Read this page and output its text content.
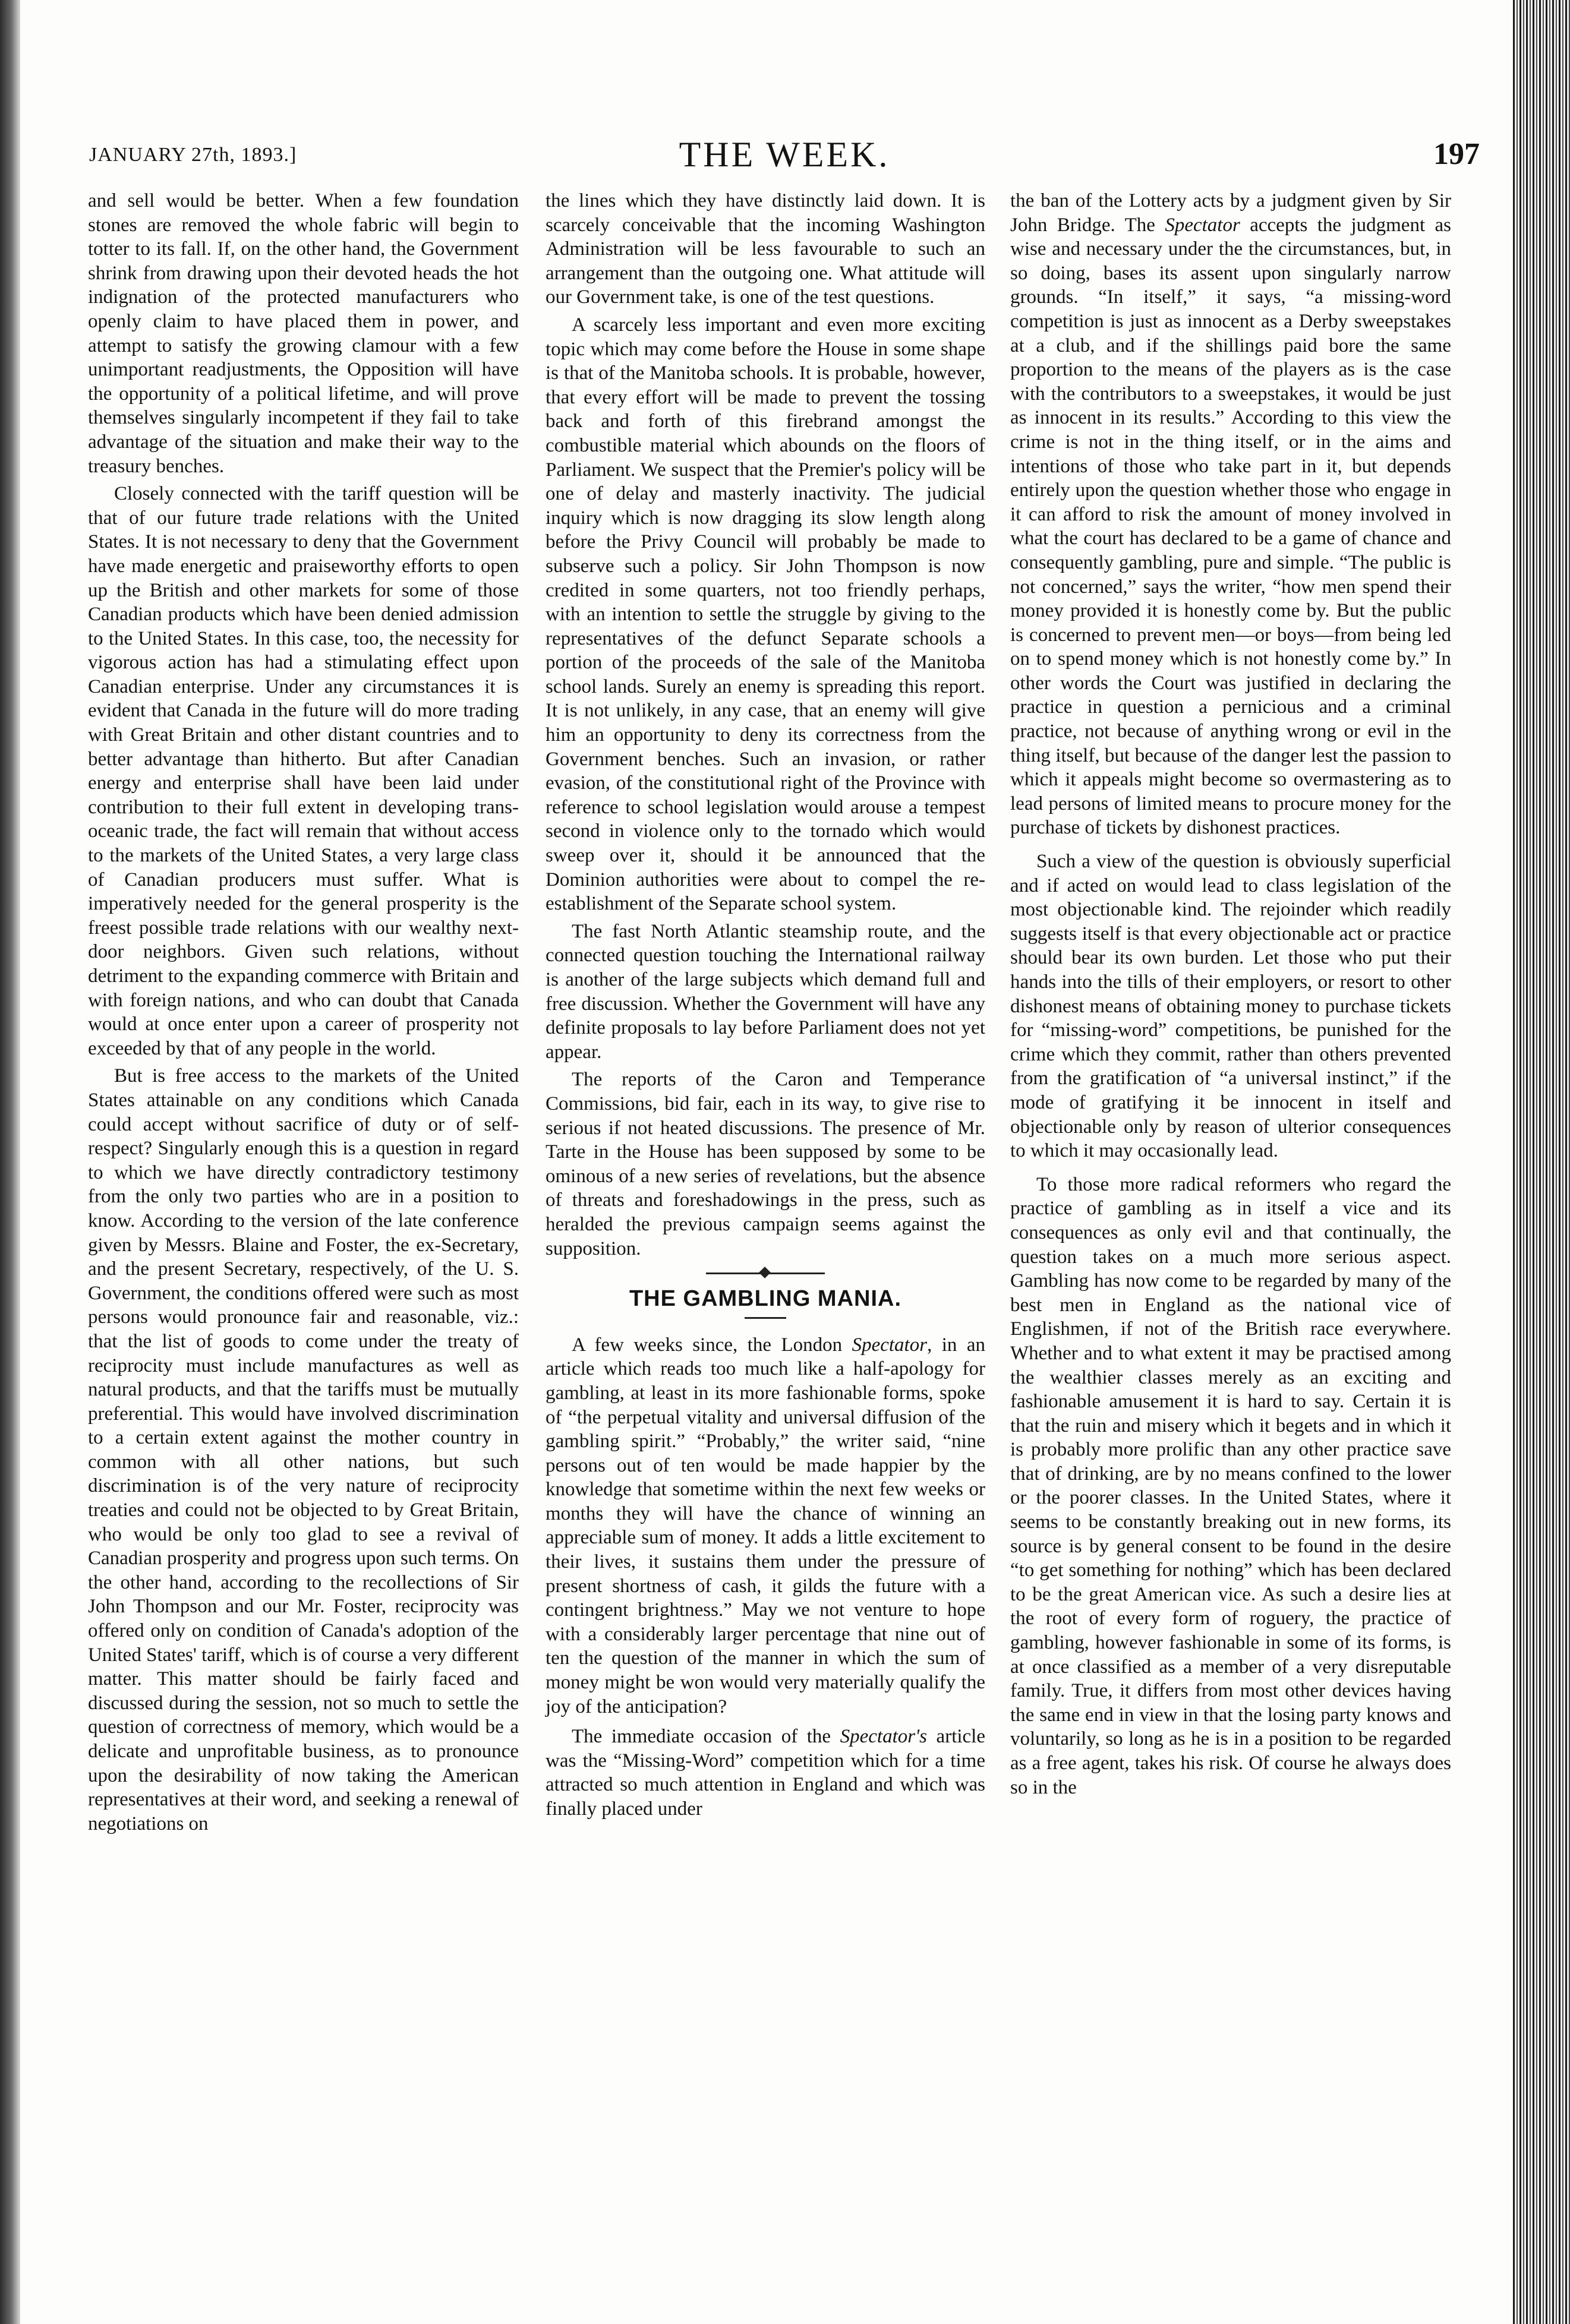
JANUARY 27th, 1893.]	THE WEEK.	197

and sell would be better. When a few foundation stones are removed the whole fabric will begin to totter to its fall. If, on the other hand, the Government shrink from drawing upon their devoted heads the hot indignation of the protected manufacturers who openly claim to have placed them in power, and attempt to satisfy the growing clamour with a few unimportant readjustments, the Opposition will have the opportunity of a political lifetime, and will prove themselves singularly incompetent if they fail to take advantage of the situation and make their way to the treasury benches.

Closely connected with the tariff question will be that of our future trade relations with the United States. It is not necessary to deny that the Government have made energetic and praiseworthy efforts to open up the British and other markets for some of those Canadian products which have been denied admission to the United States. In this case, too, the necessity for vigorous action has had a stimulating effect upon Canadian enterprise. Under any circumstances it is evident that Canada in the future will do more trading with Great Britain and other distant countries and to better advantage than hitherto. But after Canadian energy and enterprise shall have been laid under contribution to their full extent in developing trans-oceanic trade, the fact will remain that without access to the markets of the United States, a very large class of Canadian producers must suffer. What is imperatively needed for the general prosperity is the freest possible trade relations with our wealthy next-door neighbors. Given such relations, without detriment to the expanding commerce with Britain and with foreign nations, and who can doubt that Canada would at once enter upon a career of prosperity not exceeded by that of any people in the world.

But is free access to the markets of the United States attainable on any conditions which Canada could accept without sacrifice of duty or of self-respect? Singularly enough this is a question in regard to which we have directly contradictory testimony from the only two parties who are in a position to know. According to the version of the late conference given by Messrs. Blaine and Foster, the ex-Secretary, and the present Secretary, respectively, of the U. S. Government, the conditions offered were such as most persons would pronounce fair and reasonable, viz.: that the list of goods to come under the treaty of reciprocity must include manufactures as well as natural products, and that the tariffs must be mutually preferential. This would have involved discrimination to a certain extent against the mother country in common with all other nations, but such discrimination is of the very nature of reciprocity treaties and could not be objected to by Great Britain, who would be only too glad to see a revival of Canadian prosperity and progress upon such terms. On the other hand, according to the recollections of Sir John Thompson and our Mr. Foster, reciprocity was offered only on condition of Canada's adoption of the United States' tariff, which is of course a very different matter. This matter should be fairly faced and discussed during the session, not so much to settle the question of correctness of memory, which would be a delicate and unprofitable business, as to pronounce upon the desirability of now taking the American representatives at their word, and seeking a renewal of negotiations on

the lines which they have distinctly laid down. It is scarcely conceivable that the incoming Washington Administration will be less favourable to such an arrangement than the outgoing one. What attitude will our Government take, is one of the test questions.

A scarcely less important and even more exciting topic which may come before the House in some shape is that of the Manitoba schools. It is probable, however, that every effort will be made to prevent the tossing back and forth of this firebrand amongst the combustible material which abounds on the floors of Parliament. We suspect that the Premier's policy will be one of delay and masterly inactivity. The judicial inquiry which is now dragging its slow length along before the Privy Council will probably be made to subserve such a policy. Sir John Thompson is now credited in some quarters, not too friendly perhaps, with an intention to settle the struggle by giving to the representatives of the defunct Separate schools a portion of the proceeds of the sale of the Manitoba school lands. Surely an enemy is spreading this report. It is not unlikely, in any case, that an enemy will give him an opportunity to deny its correctness from the Government benches. Such an invasion, or rather evasion, of the constitutional right of the Province with reference to school legislation would arouse a tempest second in violence only to the tornado which would sweep over it, should it be announced that the Dominion authorities were about to compel the re-establishment of the Separate school system.

The fast North Atlantic steamship route, and the connected question touching the International railway is another of the large subjects which demand full and free discussion. Whether the Government will have any definite proposals to lay before Parliament does not yet appear.

The reports of the Caron and Temperance Commissions, bid fair, each in its way, to give rise to serious if not heated discussions. The presence of Mr. Tarte in the House has been supposed by some to be ominous of a new series of revelations, but the absence of threats and foreshadowings in the press, such as heralded the previous campaign seems against the supposition.

THE GAMBLING MANIA.

A few weeks since, the London Spectator, in an article which reads too much like a half-apology for gambling, at least in its more fashionable forms, spoke of “the perpetual vitality and universal diffusion of the gambling spirit.” “Probably,” the writer said, “nine persons out of ten would be made happier by the knowledge that sometime within the next few weeks or months they will have the chance of winning an appreciable sum of money. It adds a little excitement to their lives, it sustains them under the pressure of present shortness of cash, it gilds the future with a contingent brightness.” May we not venture to hope with a considerably larger percentage that nine out of ten the question of the manner in which the sum of money might be won would very materially qualify the joy of the anticipation?

The immediate occasion of the Spectator's article was the “Missing-Word” competition which for a time attracted so much attention in England and which was finally placed under

the ban of the Lottery acts by a judgment given by Sir John Bridge. The Spectator accepts the judgment as wise and necessary under the the circumstances, but, in so doing, bases its assent upon singularly narrow grounds. “In itself,” it says, “a missing-word competition is just as innocent as a Derby sweepstakes at a club, and if the shillings paid bore the same proportion to the means of the players as is the case with the contributors to a sweepstakes, it would be just as innocent in its results.” According to this view the crime is not in the thing itself, or in the aims and intentions of those who take part in it, but depends entirely upon the question whether those who engage in it can afford to risk the amount of money involved in what the court has declared to be a game of chance and consequently gambling, pure and simple. “The public is not concerned,” says the writer, “how men spend their money provided it is honestly come by. But the public is concerned to prevent men—or boys—from being led on to spend money which is not honestly come by.” In other words the Court was justified in declaring the practice in question a pernicious and a criminal practice, not because of anything wrong or evil in the thing itself, but because of the danger lest the passion to which it appeals might become so overmastering as to lead persons of limited means to procure money for the purchase of tickets by dishonest practices.

Such a view of the question is obviously superficial and if acted on would lead to class legislation of the most objectionable kind. The rejoinder which readily suggests itself is that every objectionable act or practice should bear its own burden. Let those who put their hands into the tills of their employers, or resort to other dishonest means of obtaining money to purchase tickets for “missing-word” competitions, be punished for the crime which they commit, rather than others prevented from the gratification of “a universal instinct,” if the mode of gratifying it be innocent in itself and objectionable only by reason of ulterior consequences to which it may occasionally lead.

To those more radical reformers who regard the practice of gambling as in itself a vice and its consequences as only evil and that continually, the question takes on a much more serious aspect. Gambling has now come to be regarded by many of the best men in England as the national vice of Englishmen, if not of the British race everywhere. Whether and to what extent it may be practised among the wealthier classes merely as an exciting and fashionable amusement it is hard to say. Certain it is that the ruin and misery which it begets and in which it is probably more prolific than any other practice save that of drinking, are by no means confined to the lower or the poorer classes. In the United States, where it seems to be constantly breaking out in new forms, its source is by general consent to be found in the desire “to get something for nothing” which has been declared to be the great American vice. As such a desire lies at the root of every form of roguery, the practice of gambling, however fashionable in some of its forms, is at once classified as a member of a very disreputable family. True, it differs from most other devices having the same end in view in that the losing party knows and voluntarily, so long as he is in a position to be regarded as a free agent, takes his risk. Of course he always does so in the
